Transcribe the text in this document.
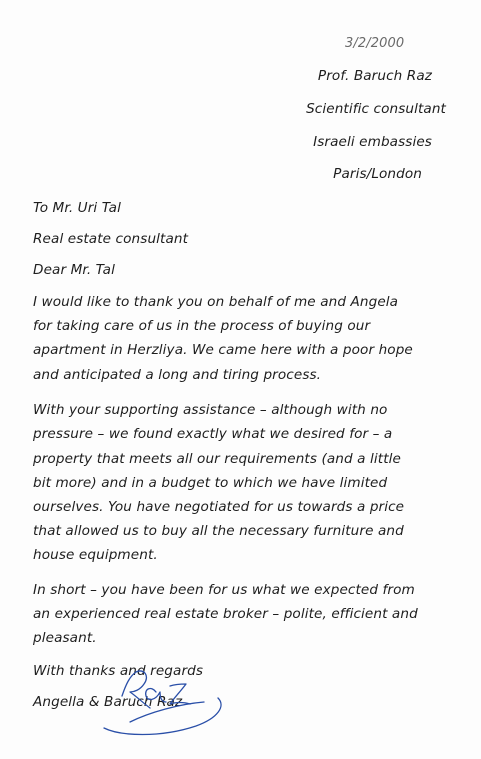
3/2/2000
Prof. Baruch Raz
Scientific consultant
Israeli embassies
Paris/London
To Mr. Uri Tal
Real estate consultant
Dear Mr. Tal
I would like to thank you on behalf of me and Angela
for taking care of us in the process of buying our
apartment in Herzliya. We came here with a poor hope
and anticipated a long and tiring process.
With your supporting assistance – although with no
pressure – we found exactly what we desired for – a
property that meets all our requirements (and a little
bit more) and in a budget to which we have limited
ourselves. You have negotiated for us towards a price
that allowed us to buy all the necessary furniture and
house equipment.
In short – you have been for us what we expected from
an experienced real estate broker – polite, efficient and
pleasant.
With thanks and regards
Angella & Baruch Raz
